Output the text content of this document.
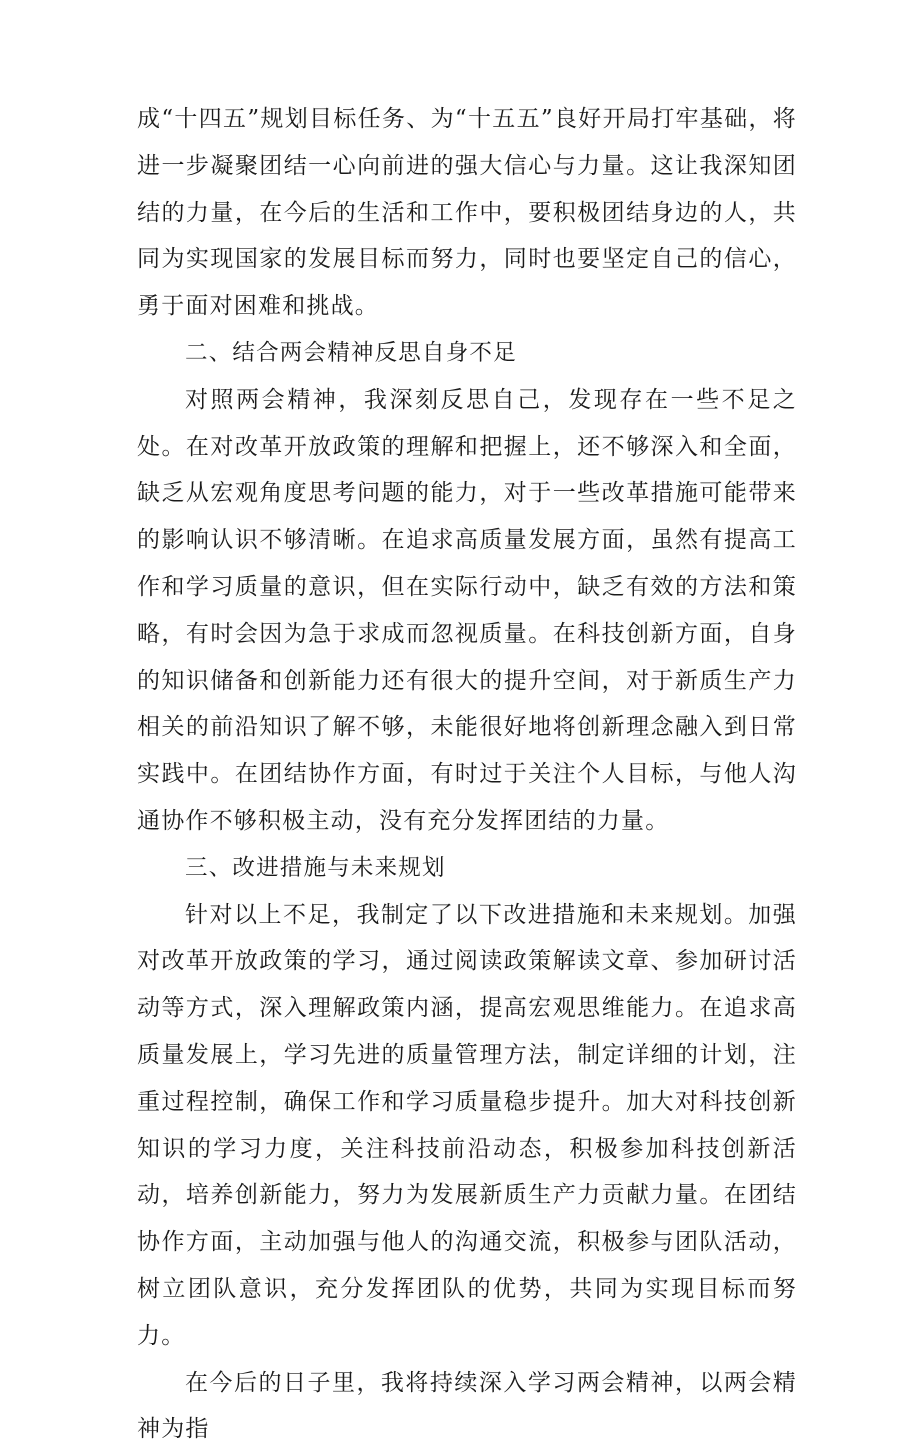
成“十四五”规划目标任务、为“十五五”良好开局打牢基础，将进一步凝聚团结一心向前进的强大信心与力量。这让我深知团结的力量，在今后的生活和工作中，要积极团结身边的人，共同为实现国家的发展目标而努力，同时也要坚定自己的信心，勇于面对困难和挑战。

二、结合两会精神反思自身不足

对照两会精神，我深刻反思自己，发现存在一些不足之处。在对改革开放政策的理解和把握上，还不够深入和全面，缺乏从宏观角度思考问题的能力，对于一些改革措施可能带来的影响认识不够清晰。在追求高质量发展方面，虽然有提高工作和学习质量的意识，但在实际行动中，缺乏有效的方法和策略，有时会因为急于求成而忽视质量。在科技创新方面，自身的知识储备和创新能力还有很大的提升空间，对于新质生产力相关的前沿知识了解不够，未能很好地将创新理念融入到日常实践中。在团结协作方面，有时过于关注个人目标，与他人沟通协作不够积极主动，没有充分发挥团结的力量。

三、改进措施与未来规划

针对以上不足，我制定了以下改进措施和未来规划。加强对改革开放政策的学习，通过阅读政策解读文章、参加研讨活动等方式，深入理解政策内涵，提高宏观思维能力。在追求高质量发展上，学习先进的质量管理方法，制定详细的计划，注重过程控制，确保工作和学习质量稳步提升。加大对科技创新知识的学习力度，关注科技前沿动态，积极参加科技创新活动，培养创新能力，努力为发展新质生产力贡献力量。在团结协作方面，主动加强与他人的沟通交流，积极参与团队活动，树立团队意识，充分发挥团队的优势，共同为实现目标而努力。

在今后的日子里，我将持续深入学习两会精神，以两会精神为指
